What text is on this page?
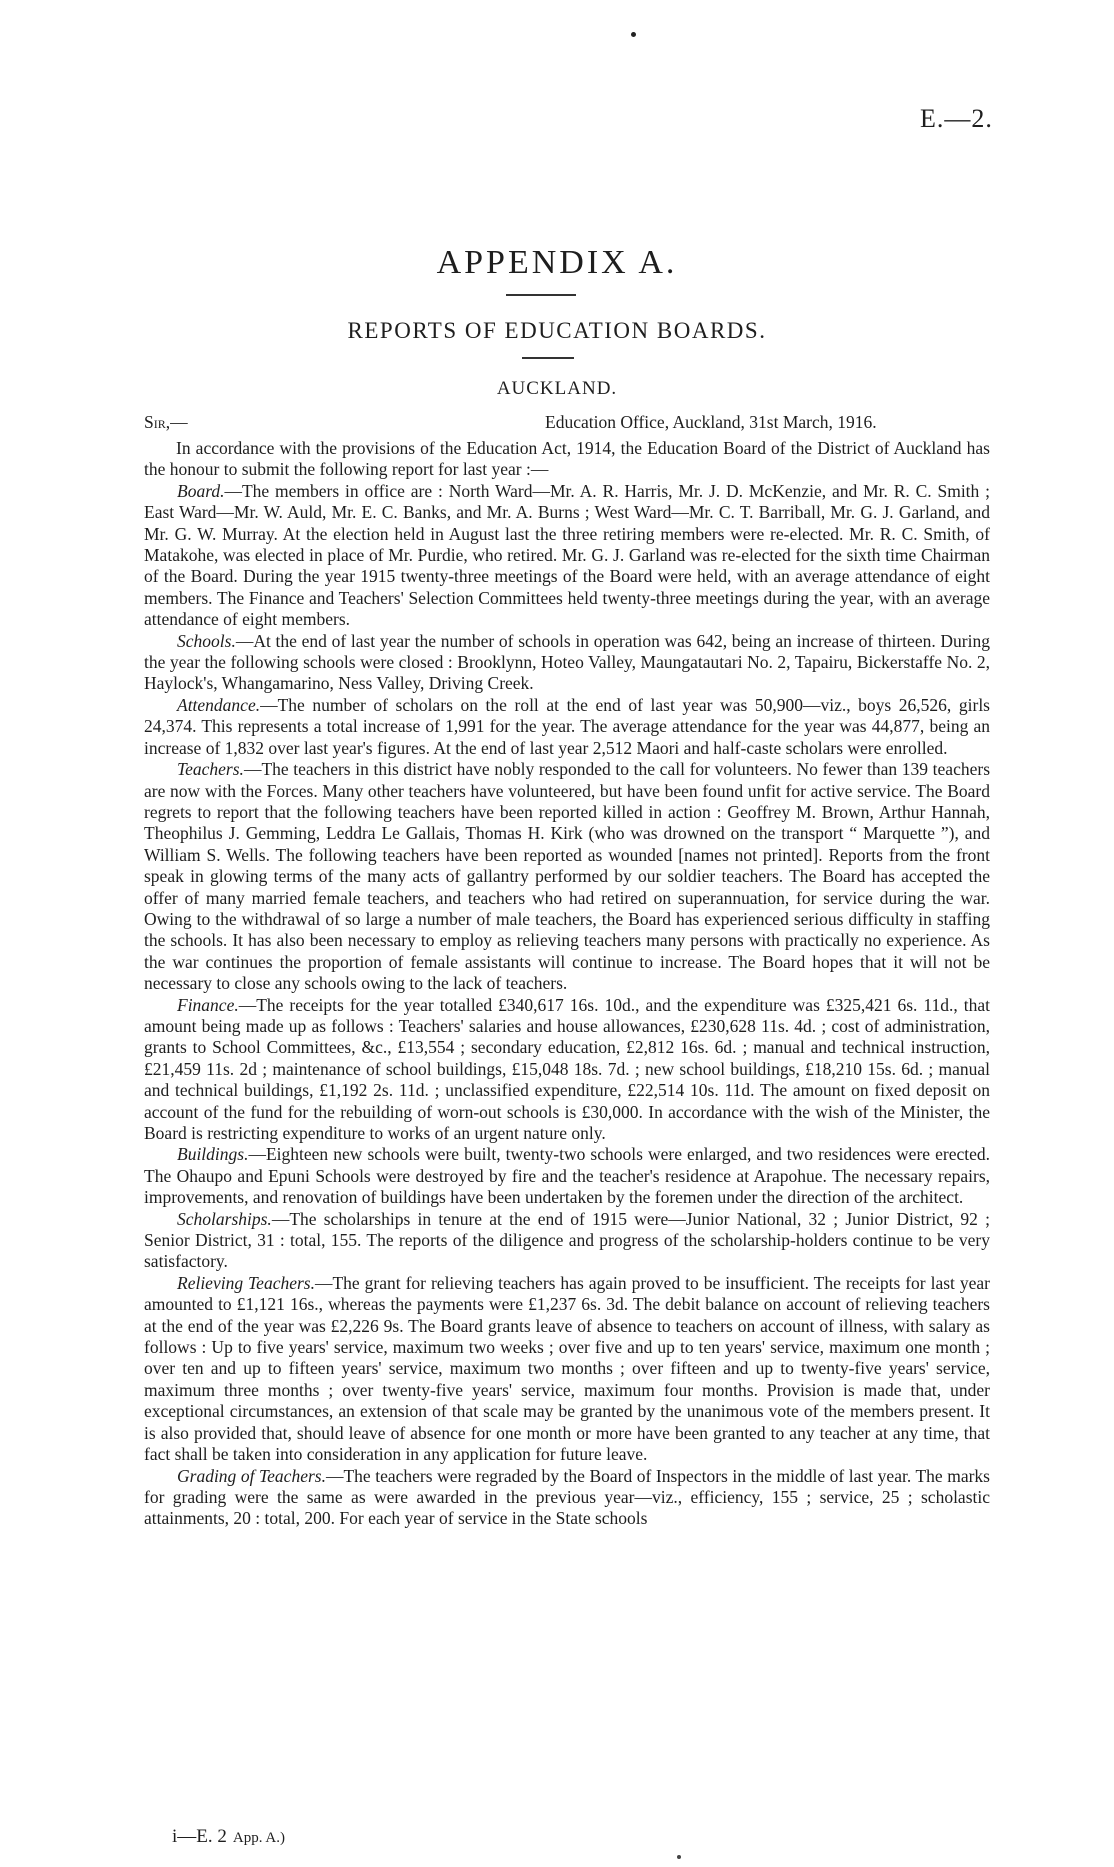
E.—2.
APPENDIX A.
REPORTS OF EDUCATION BOARDS.
AUCKLAND.
Sir,—	Education Office, Auckland, 31st March, 1916.

In accordance with the provisions of the Education Act, 1914, the Education Board of the District of Auckland has the honour to submit the following report for last year :—

Board.—The members in office are : North Ward—Mr. A. R. Harris, Mr. J. D. McKenzie, and Mr. R. C. Smith ; East Ward—Mr. W. Auld, Mr. E. C. Banks, and Mr. A. Burns ; West Ward—Mr. C. T. Barriball, Mr. G. J. Garland, and Mr. G. W. Murray. At the election held in August last the three retiring members were re-elected. Mr. R. C. Smith, of Matakohe, was elected in place of Mr. Purdie, who retired. Mr. G. J. Garland was re-elected for the sixth time Chairman of the Board. During the year 1915 twenty-three meetings of the Board were held, with an average attendance of eight members. The Finance and Teachers' Selection Committees held twenty-three meetings during the year, with an average attendance of eight members.

Schools.—At the end of last year the number of schools in operation was 642, being an increase of thirteen. During the year the following schools were closed : Brooklynn, Hoteo Valley, Maungatautari No. 2, Tapairu, Bickerstaffe No. 2, Haylock's, Whangamarino, Ness Valley, Driving Creek.

Attendance.—The number of scholars on the roll at the end of last year was 50,900—viz., boys 26,526, girls 24,374. This represents a total increase of 1,991 for the year. The average attendance for the year was 44,877, being an increase of 1,832 over last year's figures. At the end of last year 2,512 Maori and half-caste scholars were enrolled.

Teachers.—The teachers in this district have nobly responded to the call for volunteers. No fewer than 139 teachers are now with the Forces. Many other teachers have volunteered, but have been found unfit for active service. The Board regrets to report that the following teachers have been reported killed in action : Geoffrey M. Brown, Arthur Hannah, Theophilus J. Gemming, Leddra Le Gallais, Thomas H. Kirk (who was drowned on the transport “ Marquette ”), and William S. Wells. The following teachers have been reported as wounded [names not printed]. Reports from the front speak in glowing terms of the many acts of gallantry performed by our soldier teachers. The Board has accepted the offer of many married female teachers, and teachers who had retired on superannuation, for service during the war. Owing to the withdrawal of so large a number of male teachers, the Board has experienced serious difficulty in staffing the schools. It has also been necessary to employ as relieving teachers many persons with practically no experience. As the war continues the proportion of female assistants will continue to increase. The Board hopes that it will not be necessary to close any schools owing to the lack of teachers.

Finance.—The receipts for the year totalled £340,617 16s. 10d., and the expenditure was £325,421 6s. 11d., that amount being made up as follows : Teachers' salaries and house allowances, £230,628 11s. 4d. ; cost of administration, grants to School Committees, &c., £13,554 ; secondary education, £2,812 16s. 6d. ; manual and technical instruction, £21,459 11s. 2d ; maintenance of school buildings, £15,048 18s. 7d. ; new school buildings, £18,210 15s. 6d. ; manual and technical buildings, £1,192 2s. 11d. ; unclassified expenditure, £22,514 10s. 11d. The amount on fixed deposit on account of the fund for the rebuilding of worn-out schools is £30,000. In accordance with the wish of the Minister, the Board is restricting expenditure to works of an urgent nature only.

Buildings.—Eighteen new schools were built, twenty-two schools were enlarged, and two residences were erected. The Ohaupo and Epuni Schools were destroyed by fire and the teacher's residence at Arapohue. The necessary repairs, improvements, and renovation of buildings have been undertaken by the foremen under the direction of the architect.

Scholarships.—The scholarships in tenure at the end of 1915 were—Junior National, 32 ; Junior District, 92 ; Senior District, 31 : total, 155. The reports of the diligence and progress of the scholarship-holders continue to be very satisfactory.

Relieving Teachers.—The grant for relieving teachers has again proved to be insufficient. The receipts for last year amounted to £1,121 16s., whereas the payments were £1,237 6s. 3d. The debit balance on account of relieving teachers at the end of the year was £2,226 9s. The Board grants leave of absence to teachers on account of illness, with salary as follows : Up to five years' service, maximum two weeks ; over five and up to ten years' service, maximum one month ; over ten and up to fifteen years' service, maximum two months ; over fifteen and up to twenty-five years' service, maximum three months ; over twenty-five years' service, maximum four months. Provision is made that, under exceptional circumstances, an extension of that scale may be granted by the unanimous vote of the members present. It is also provided that, should leave of absence for one month or more have been granted to any teacher at any time, that fact shall be taken into consideration in any application for future leave.

Grading of Teachers.—The teachers were regraded by the Board of Inspectors in the middle of last year. The marks for grading were the same as were awarded in the previous year—viz., efficiency, 155 ; service, 25 ; scholastic attainments, 20 : total, 200. For each year of service in the State schools

i—E. 2 App. A.)
